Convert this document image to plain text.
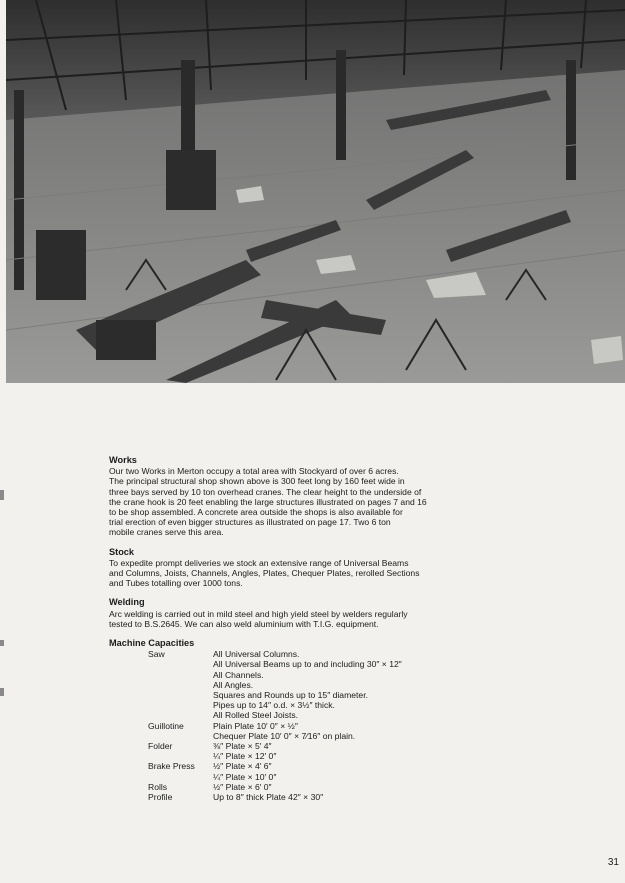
Works

Our two Works in Merton occupy a total area with Stockyard of over 6 acres.
The principal structural shop shown above is 300 feet long by 160 feet wide in
three bays served by 10 ton overhead cranes. The clear height to the underside of
the crane hook is 20 feet enabling the large structures illustrated on pages 7 and 16
to be shop assembled. A concrete area outside the shops is also available for
trial erection of even bigger structures as illustrated on page 17. Two 6 ton
mobile cranes serve this area.

Stock

To expedite prompt deliveries we stock an extensive range of Universal Beams
and Columns, Joists, Channels, Angles, Plates, Chequer Plates, rerolled Sections
and Tubes totalling over 1000 tons.

Welding

Arc welding is carried out in mild steel and high yield steel by welders regularly
tested to B.S.2645. We can also weld aluminium with T.I.G. equipment.

Machine Capacities

Saw	All Universal Columns.
	All Universal Beams up to and including 30″ × 12″
	All Channels.
	All Angles.
	Squares and Rounds up to 15″ diameter.
	Pipes up to 14″ o.d. × 3½″ thick.
	All Rolled Steel Joists.
Guillotine	Plain Plate 10′ 0″ × ½″
	Chequer Plate 10′ 0″ × 7⁄16″ on plain.
Folder	⅜″ Plate × 5′ 4″
	¼″ Plate × 12′ 0″
Brake Press	½″ Plate × 4′ 6″
	¼″ Plate × 10′ 0″
Rolls	½″ Plate × 6′ 0″
Profile	Up to 8″ thick Plate 42″ × 30″
31
